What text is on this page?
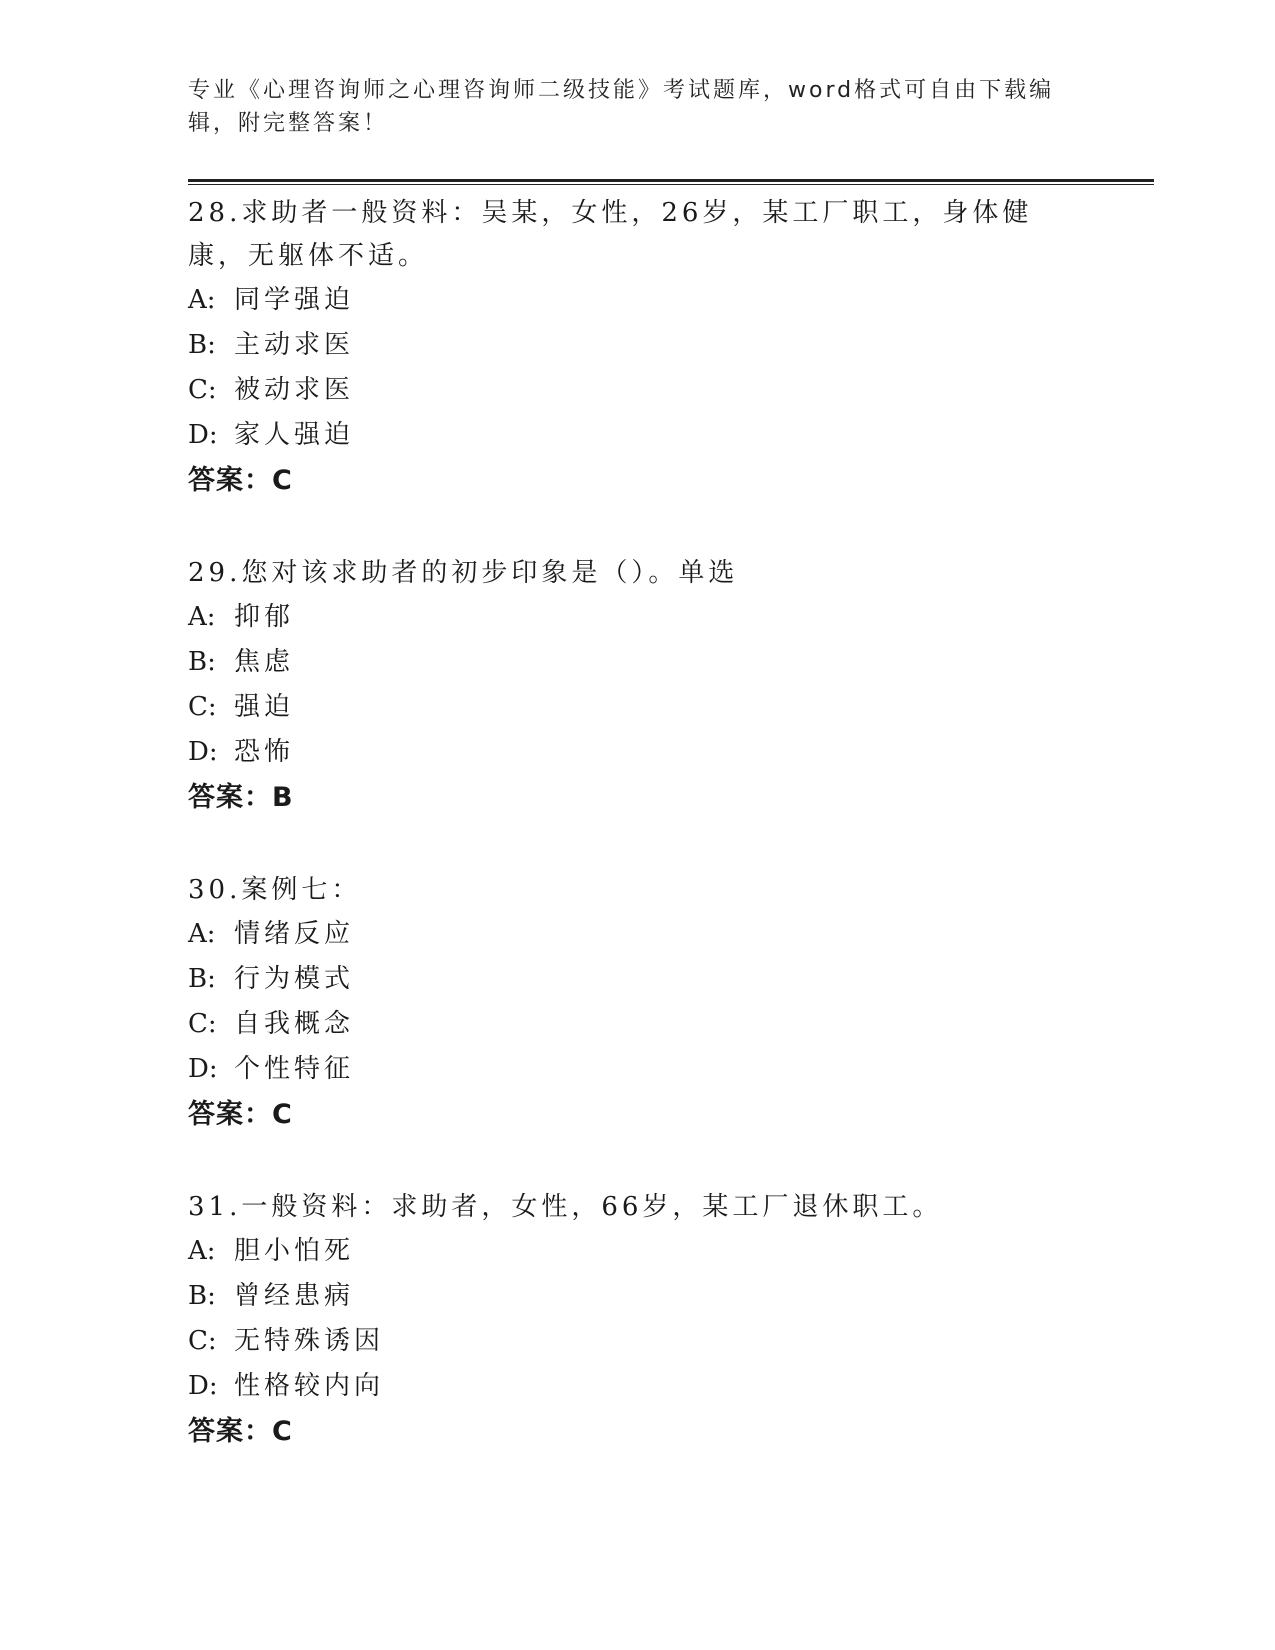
专业《心理咨询师之心理咨询师二级技能》考试题库，word格式可自由下载编辑，附完整答案！
28.求助者一般资料：吴某，女性，26岁，某工厂职工，身体健康，无躯体不适。
A: 同学强迫
B: 主动求医
C: 被动求医
D: 家人强迫
答案：C
29.您对该求助者的初步印象是（）。单选
A: 抑郁
B: 焦虑
C: 强迫
D: 恐怖
答案：B
30.案例七：
A: 情绪反应
B: 行为模式
C: 自我概念
D: 个性特征
答案：C
31.一般资料：求助者，女性，66岁，某工厂退休职工。
A: 胆小怕死
B: 曾经患病
C: 无特殊诱因
D: 性格较内向
答案：C
